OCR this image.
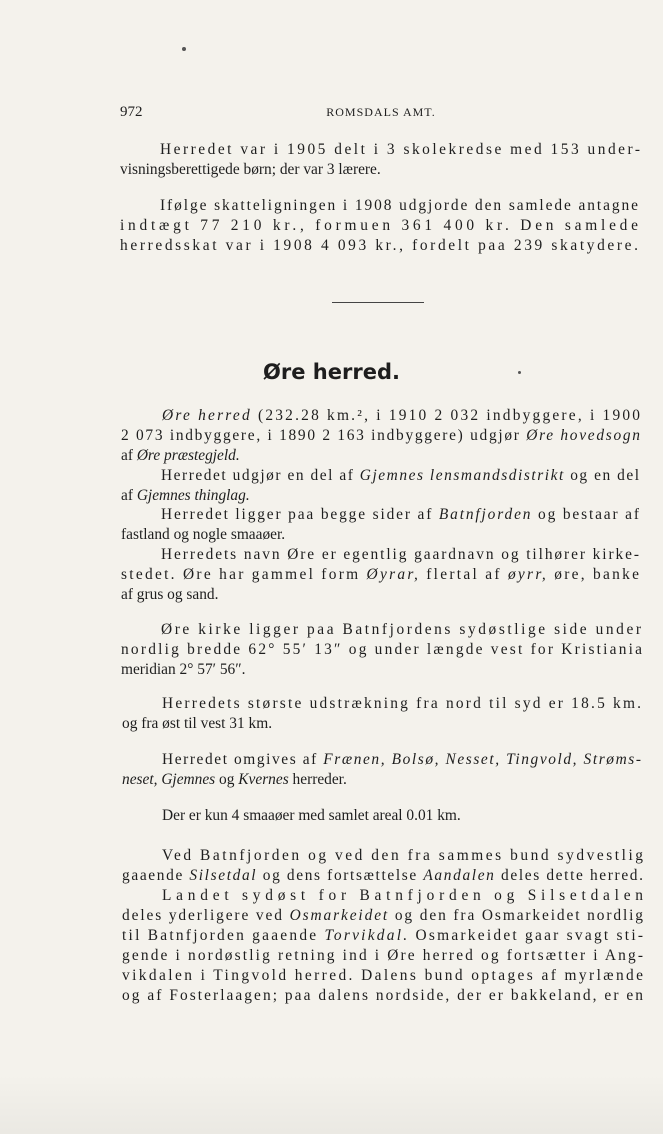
972	ROMSDALS AMT.
Øre herred.
Herredet var i 1905 delt i 3 skolekredse med 153 under-
visningsberettigede børn; der var 3 lærere.
Ifølge skatteligningen i 1908 udgjorde den samlede antagne
indtægt 77 210 kr., formuen 361 400 kr. Den samlede
herredsskat var i 1908 4 093 kr., fordelt paa 239 skatydere.
Øre herred (232.28 km.², i 1910 2 032 indbyggere, i 1900
2 073 indbyggere, i 1890 2 163 indbyggere) udgjør Øre hovedsogn
af Øre præstegjeld.
Herredet udgjør en del af Gjemnes lensmandsdistrikt og en del
af Gjemnes thinglag.
Herredet ligger paa begge sider af Batnfjorden og bestaar af
fastland og nogle smaaøer.
Herredets navn Øre er egentlig gaardnavn og tilhører kirke-
stedet. Øre har gammel form Øyrar, flertal af øyrr, øre, banke
af grus og sand.
Øre kirke ligger paa Batnfjordens sydøstlige side under
nordlig bredde 62° 55′ 13″ og under længde vest for Kristiania
meridian 2° 57′ 56″.
Herredets største udstrækning fra nord til syd er 18.5 km.
og fra øst til vest 31 km.
Herredet omgives af Frænen, Bolsø, Nesset, Tingvold, Strøms-
neset, Gjemnes og Kvernes herreder.
Der er kun 4 smaaøer med samlet areal 0.01 km.
Ved Batnfjorden og ved den fra sammes bund sydvestlig
gaaende Silsetdal og dens fortsættelse Aandalen deles dette herred.
Landet sydøst for Batnfjorden og Silsetdalen
deles yderligere ved Osmarkeidet og den fra Osmarkeidet nordlig
til Batnfjorden gaaende Torvikdal. Osmarkeidet gaar svagt sti-
gende i nordøstlig retning ind i Øre herred og fortsætter i Ang-
vikdalen i Tingvold herred. Dalens bund optages af myrlænde
og af Fosterlaagen; paa dalens nordside, der er bakkeland, er en
